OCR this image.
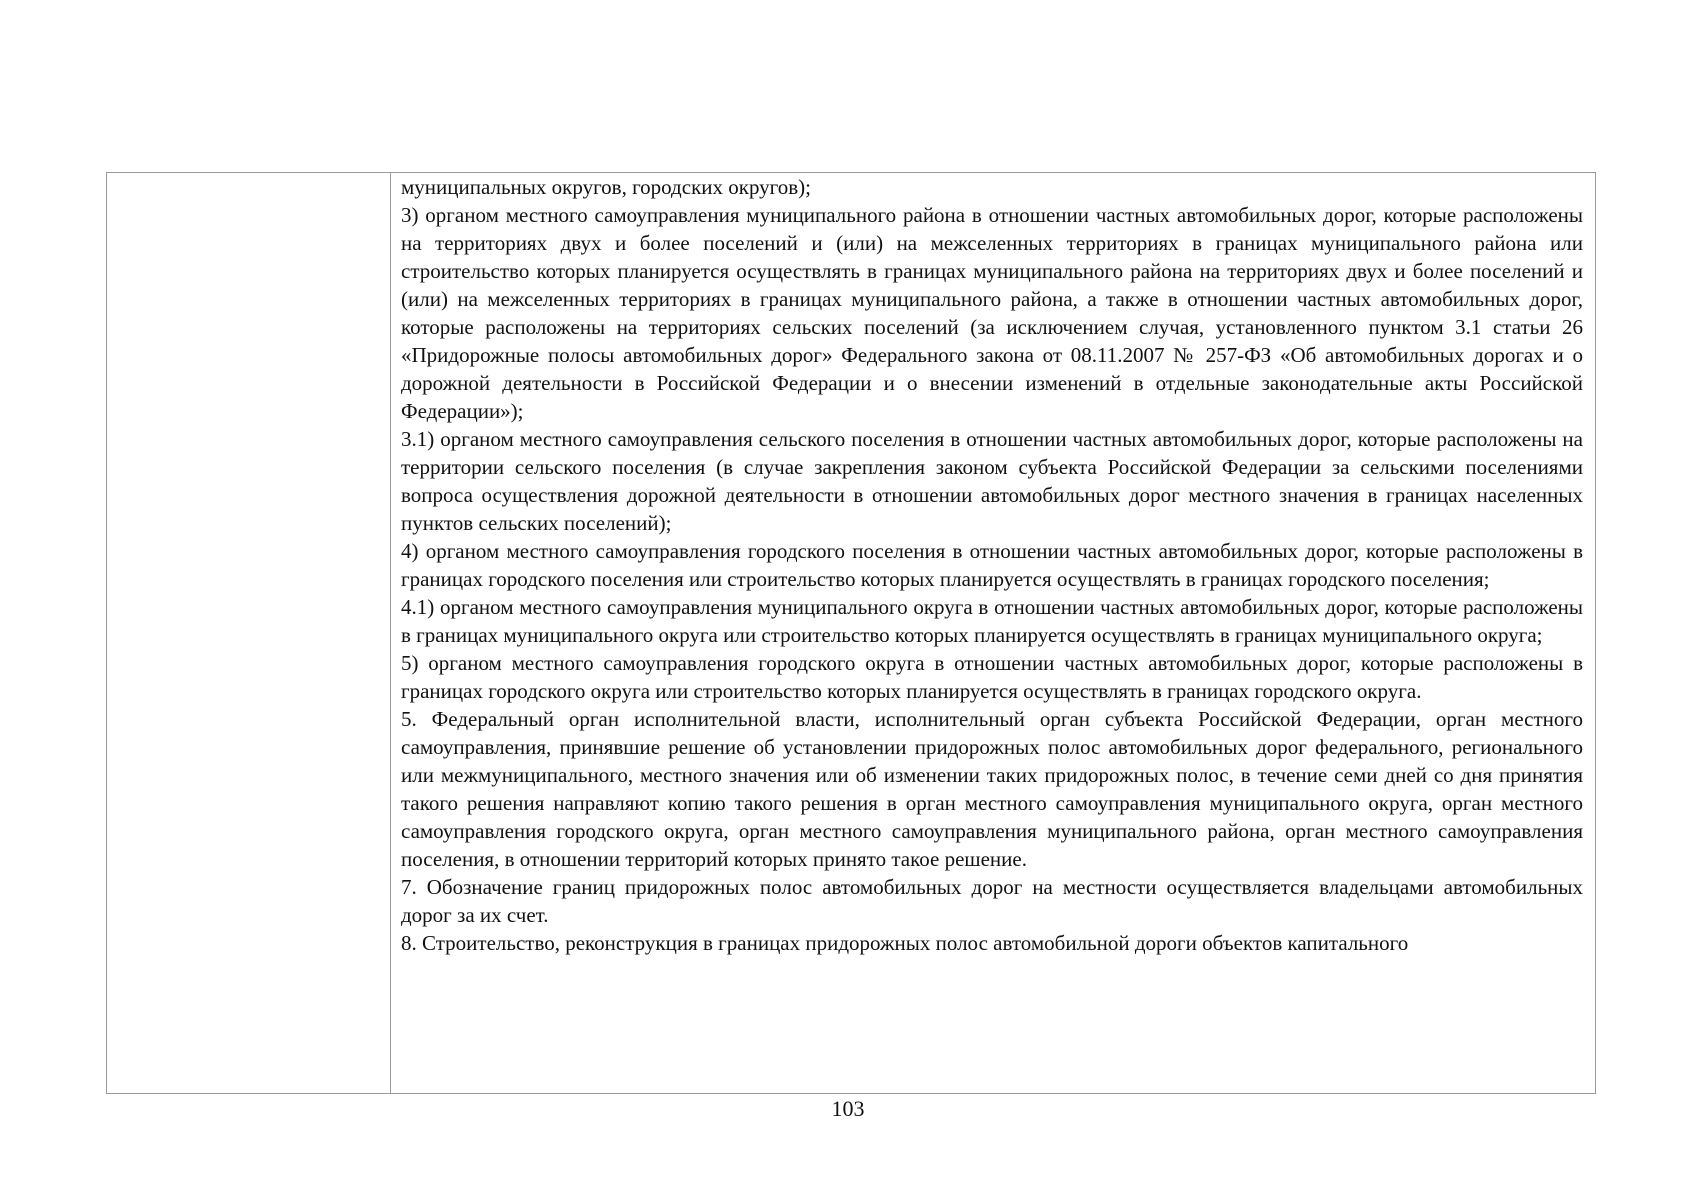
муниципальных округов, городских округов);

3) органом местного самоуправления муниципального района в отношении частных автомобильных дорог, которые расположены на территориях двух и более поселений и (или) на межселенных территориях в границах муниципального района или строительство которых планируется осуществлять в границах муниципального района на территориях двух и более поселений и (или) на межселенных территориях в границах муниципального района, а также в отношении частных автомобильных дорог, которые расположены на территориях сельских поселений (за исключением случая, установленного пунктом 3.1 статьи 26 «Придорожные полосы автомобильных дорог» Федерального закона от 08.11.2007 № 257-ФЗ «Об автомобильных дорогах и о дорожной деятельности в Российской Федерации и о внесении изменений в отдельные законодательные акты Российской Федерации»);

3.1) органом местного самоуправления сельского поселения в отношении частных автомобильных дорог, которые расположены на территории сельского поселения (в случае закрепления законом субъекта Российской Федерации за сельскими поселениями вопроса осуществления дорожной деятельности в отношении автомобильных дорог местного значения в границах населенных пунктов сельских поселений);

4) органом местного самоуправления городского поселения в отношении частных автомобильных дорог, которые расположены в границах городского поселения или строительство которых планируется осуществлять в границах городского поселения;

4.1) органом местного самоуправления муниципального округа в отношении частных автомобильных дорог, которые расположены в границах муниципального округа или строительство которых планируется осуществлять в границах муниципального округа;

5) органом местного самоуправления городского округа в отношении частных автомобильных дорог, которые расположены в границах городского округа или строительство которых планируется осуществлять в границах городского округа.

5. Федеральный орган исполнительной власти, исполнительный орган субъекта Российской Федерации, орган местного самоуправления, принявшие решение об установлении придорожных полос автомобильных дорог федерального, регионального или межмуниципального, местного значения или об изменении таких придорожных полос, в течение семи дней со дня принятия такого решения направляют копию такого решения в орган местного самоуправления муниципального округа, орган местного самоуправления городского округа, орган местного самоуправления муниципального района, орган местного самоуправления поселения, в отношении территорий которых принято такое решение.

7. Обозначение границ придорожных полос автомобильных дорог на местности осуществляется владельцами автомобильных дорог за их счет.

8. Строительство, реконструкция в границах придорожных полос автомобильной дороги объектов капитального

103
